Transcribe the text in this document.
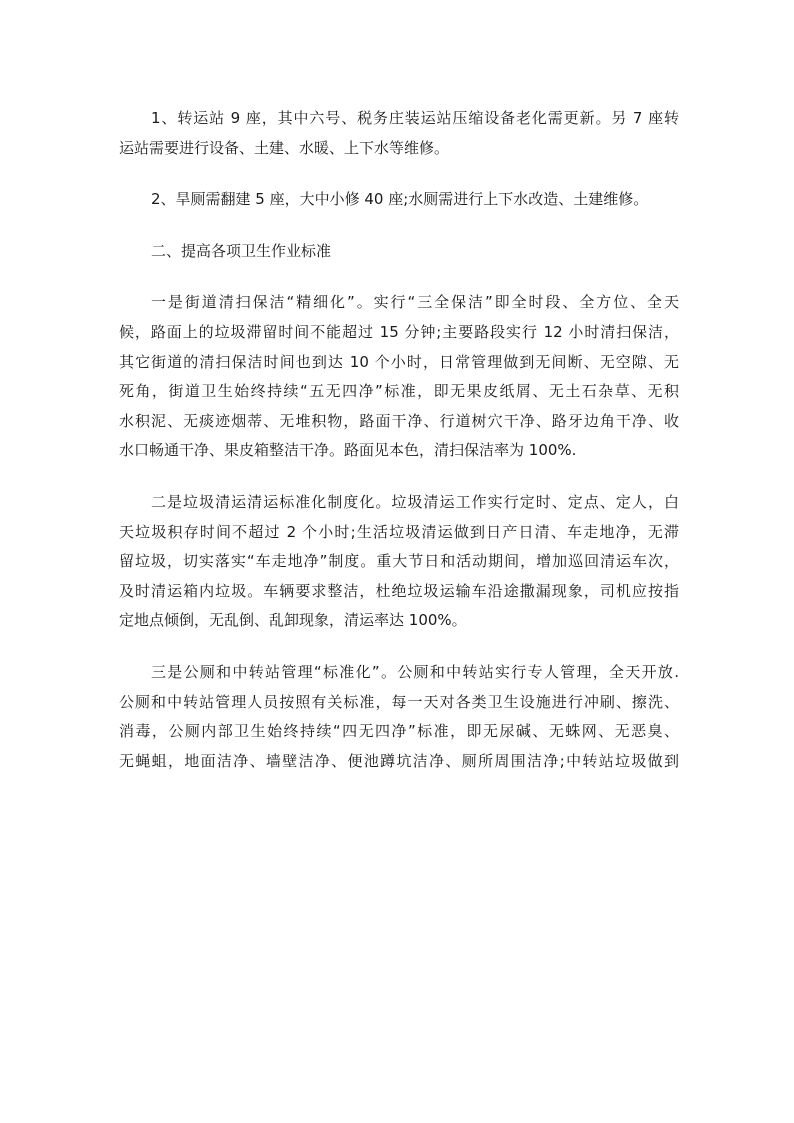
1、转运站 9 座，其中六号、税务庄装运站压缩设备老化需更新。另 7 座转
运站需要进行设备、土建、水暖、上下水等维修。

2、旱厕需翻建 5 座，大中小修 40 座;水厕需进行上下水改造、土建维修。

二、提高各项卫生作业标准

一是街道清扫保洁“精细化”。实行“三全保洁”即全时段、全方位、全天
候，路面上的垃圾滞留时间不能超过 15 分钟;主要路段实行 12 小时清扫保洁，
其它街道的清扫保洁时间也到达 10 个小时，日常管理做到无间断、无空隙、无
死角，街道卫生始终持续“五无四净”标准，即无果皮纸屑、无土石杂草、无积
水积泥、无痰迹烟蒂、无堆积物，路面干净、行道树穴干净、路牙边角干净、收
水口畅通干净、果皮箱整洁干净。路面见本色，清扫保洁率为 100%.

二是垃圾清运清运标准化制度化。垃圾清运工作实行定时、定点、定人，白
天垃圾积存时间不超过 2 个小时;生活垃圾清运做到日产日清、车走地净，无滞
留垃圾，切实落实“车走地净”制度。重大节日和活动期间，增加巡回清运车次，
及时清运箱内垃圾。车辆要求整洁，杜绝垃圾运输车沿途撒漏现象，司机应按指
定地点倾倒，无乱倒、乱卸现象，清运率达 100%。

三是公厕和中转站管理“标准化”。公厕和中转站实行专人管理，全天开放.
公厕和中转站管理人员按照有关标准，每一天对各类卫生设施进行冲刷、擦洗、
消毒，公厕内部卫生始终持续“四无四净”标准，即无尿碱、无蛛网、无恶臭、
无蝇蛆，地面洁净、墙壁洁净、便池蹲坑洁净、厕所周围洁净;中转站垃圾做到
